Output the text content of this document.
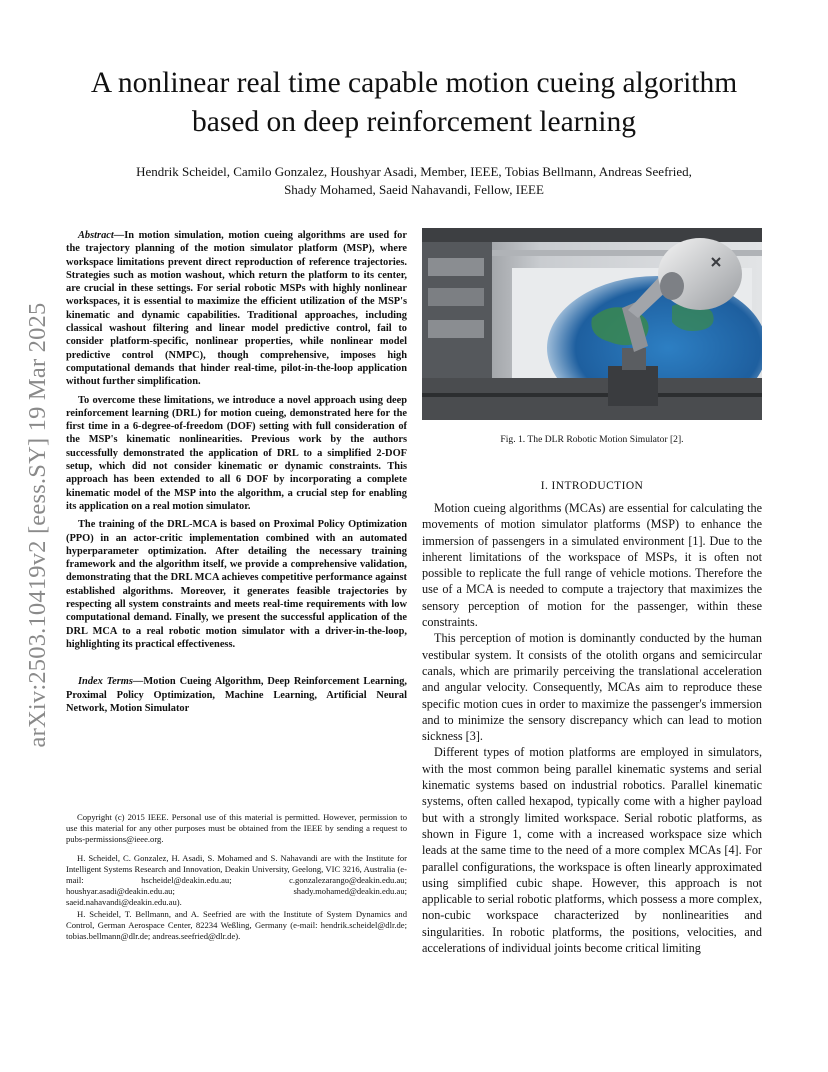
arXiv:2503.10419v2 [eess.SY] 19 Mar 2025
A nonlinear real time capable motion cueing algorithm based on deep reinforcement learning
Hendrik Scheidel, Camilo Gonzalez, Houshyar Asadi, Member, IEEE, Tobias Bellmann, Andreas Seefried,
Shady Mohamed, Saeid Nahavandi, Fellow, IEEE

Abstract—In motion simulation, motion cueing algorithms are used for the trajectory planning of the motion simulator platform (MSP), where workspace limitations prevent direct reproduction of reference trajectories. Strategies such as motion washout, which return the platform to its center, are crucial in these settings. For serial robotic MSPs with highly nonlinear workspaces, it is essential to maximize the efficient utilization of the MSP's kinematic and dynamic capabilities. Traditional approaches, including classical washout filtering and linear model predictive control, fail to consider platform-specific, nonlinear properties, while nonlinear model predictive control (NMPC), though comprehensive, imposes high computational demands that hinder real-time, pilot-in-the-loop application without further simplification.

To overcome these limitations, we introduce a novel approach using deep reinforcement learning (DRL) for motion cueing, demonstrated here for the first time in a 6-degree-of-freedom (DOF) setting with full consideration of the MSP's kinematic nonlinearities. Previous work by the authors successfully demonstrated the application of DRL to a simplified 2-DOF setup, which did not consider kinematic or dynamic constraints. This approach has been extended to all 6 DOF by incorporating a complete kinematic model of the MSP into the algorithm, a crucial step for enabling its application on a real motion simulator.

The training of the DRL-MCA is based on Proximal Policy Optimization (PPO) in an actor-critic implementation combined with an automated hyperparameter optimization. After detailing the necessary training framework and the algorithm itself, we provide a comprehensive validation, demonstrating that the DRL MCA achieves competitive performance against established algorithms. Moreover, it generates feasible trajectories by respecting all system constraints and meets real-time requirements with low computational demand. Finally, we present the successful application of the DRL MCA to a real robotic motion simulator with a driver-in-the-loop, highlighting its practical effectiveness.

Index Terms—Motion Cueing Algorithm, Deep Reinforcement Learning, Proximal Policy Optimization, Machine Learning, Artificial Neural Network, Motion Simulator

Copyright (c) 2015 IEEE. Personal use of this material is permitted. However, permission to use this material for any other purposes must be obtained from the IEEE by sending a request to pubs-permissions@ieee.org.

H. Scheidel, C. Gonzalez, H. Asadi, S. Mohamed and S. Nahavandi are with the Institute for Intelligent Systems Research and Innovation, Deakin University, Geelong, VIC 3216, Australia (e-mail: hscheidel@deakin.edu.au; c.gonzalezarango@deakin.edu.au; houshyar.asadi@deakin.edu.au; shady.mohamed@deakin.edu.au; saeid.nahavandi@deakin.edu.au).

H. Scheidel, T. Bellmann, and A. Seefried are with the Institute of System Dynamics and Control, German Aerospace Center, 82234 Weßling, Germany (e-mail: hendrik.scheidel@dlr.de; tobias.bellmann@dlr.de; andreas.seefried@dlr.de).

Fig. 1. The DLR Robotic Motion Simulator [2].
I. INTRODUCTION

Motion cueing algorithms (MCAs) are essential for calculating the movements of motion simulator platforms (MSP) to enhance the immersion of passengers in a simulated environment [1]. Due to the inherent limitations of the workspace of MSPs, it is often not possible to replicate the full range of vehicle motions. Therefore the use of a MCA is needed to compute a trajectory that maximizes the sensory perception of motion for the passenger, within these constraints.

This perception of motion is dominantly conducted by the human vestibular system. It consists of the otolith organs and semicircular canals, which are primarily perceiving the translational acceleration and angular velocity. Consequently, MCAs aim to reproduce these specific motion cues in order to maximize the passenger's immersion and to minimize the sensory discrepancy which can lead to motion sickness [3].

Different types of motion platforms are employed in simulators, with the most common being parallel kinematic systems and serial kinematic systems based on industrial robotics. Parallel kinematic systems, often called hexapod, typically come with a higher payload but with a strongly limited workspace. Serial robotic platforms, as shown in Figure 1, come with a increased workspace size which leads at the same time to the need of a more complex MCAs [4]. For parallel configurations, the workspace is often linearly approximated using simplified cubic shape. However, this approach is not applicable to serial robotic platforms, which possess a more complex, non-cubic workspace characterized by nonlinearities and singularities. In robotic platforms, the positions, velocities, and accelerations of individual joints become critical limiting
